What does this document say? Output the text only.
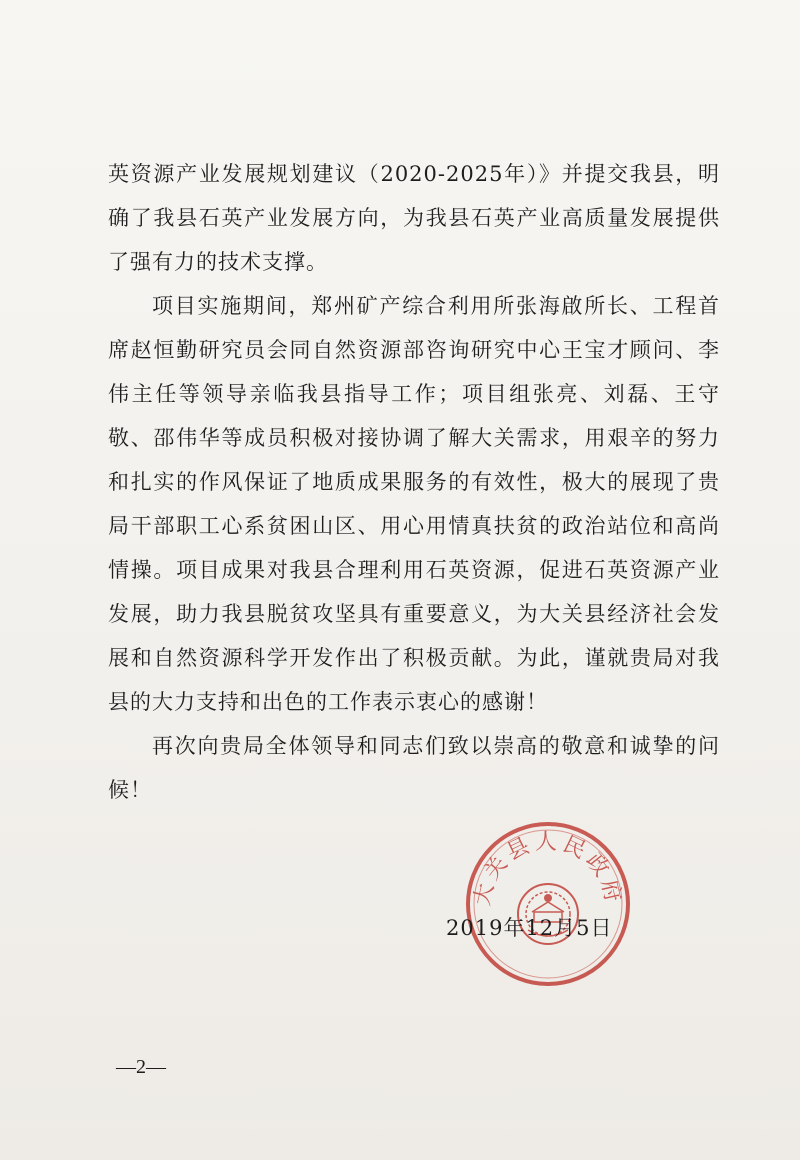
英资源产业发展规划建议（2020-2025年）》并提交我县，明确了我县石英产业发展方向，为我县石英产业高质量发展提供了强有力的技术支撑。

项目实施期间，郑州矿产综合利用所张海啟所长、工程首席赵恒勤研究员会同自然资源部咨询研究中心王宝才顾问、李伟主任等领导亲临我县指导工作；项目组张亮、刘磊、王守敬、邵伟华等成员积极对接协调了解大关需求，用艰辛的努力和扎实的作风保证了地质成果服务的有效性，极大的展现了贵局干部职工心系贫困山区、用心用情真扶贫的政治站位和高尚情操。项目成果对我县合理利用石英资源，促进石英资源产业发展，助力我县脱贫攻坚具有重要意义，为大关县经济社会发展和自然资源科学开发作出了积极贡献。为此，谨就贵局对我县的大力支持和出色的工作表示衷心的感谢！

再次向贵局全体领导和同志们致以崇高的敬意和诚挚的问候！

大关县人民政府
2019年12月5日
—2—
